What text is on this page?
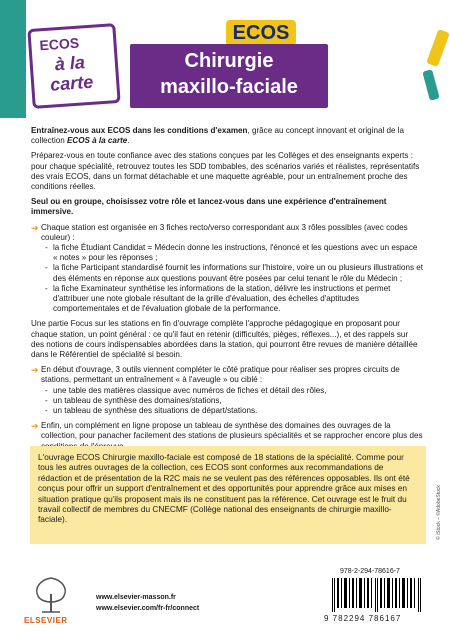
ECOS
à la
carte
ECOS
Chirurgie
maxillo-faciale

Entraînez-vous aux ECOS dans les conditions d'examen, grâce au concept innovant et original de la collection ECOS à la carte.

Préparez-vous en toute confiance avec des stations conçues par les Collèges et des enseignants experts : pour chaque spécialité, retrouvez toutes les SDD tombables, des scénarios variés et réalistes, représentatifs des vrais ECOS, dans un format détachable et une maquette agréable, pour un entraînement proche des conditions réelles.

Seul ou en groupe, choisissez votre rôle et lancez-vous dans une expérience d'entraînement immersive.

➔ Chaque station est organisée en 3 fiches recto/verso correspondant aux 3 rôles possibles (avec codes couleur) :
- la fiche Étudiant Candidat = Médecin donne les instructions, l'énoncé et les questions avec un espace « notes » pour les réponses ;
- la fiche Participant standardisé fournit les informations sur l'histoire, voire un ou plusieurs illustrations et des éléments en réponse aux questions pouvant être posées par celui tenant le rôle du Médecin ;
- la fiche Examinateur synthétise les informations de la station, délivre les instructions et permet d'attribuer une note globale résultant de la grille d'évaluation, des échelles d'aptitudes comportementales et de l'évaluation globale de la performance.

Une partie Focus sur les stations en fin d'ouvrage complète l'approche pédagogique en proposant pour chaque station, un point général : ce qu'il faut en retenir (difficultés, pièges, réflexes...), et des rappels sur des notions de cours indispensables abordées dans la station, qui pourront être revues de manière détaillée dans le Référentiel de spécialité si besoin.

➔ En début d'ouvrage, 3 outils viennent compléter le côté pratique pour réaliser ses propres circuits de stations, permettant un entraînement « à l'aveugle » ou ciblé :
- une table des matières classique avec numéros de fiches et détail des rôles,
- un tableau de synthèse des domaines/stations,
- un tableau de synthèse des situations de départ/stations.
➔ Enfin, un complément en ligne propose un tableau de synthèse des domaines des ouvrages de la collection, pour panacher facilement des stations de plusieurs spécialités et se rapprocher encore plus des

L'ouvrage ECOS Chirurgie maxillo-faciale est composé de 18 stations de la spécialité. Comme pour tous les autres ouvrages de la collection, ces ECOS sont conformes aux recommandations de rédaction et de présentation de la R2C mais ne se veulent pas des références opposables. Ils ont été conçus pour offrir un support d'entraînement et des opportunités pour apprendre grâce aux mises en situation pratique qu'ils proposent mais ils ne constituent pas la référence. Cet ouvrage est le fruit du travail collectif de membres du CNECMF (Collège national des enseignants de chirurgie maxillo-faciale).	© iStock – ©AdobeStock
ELSEVIER
www.elsevier-masson.fr
www.elsevier.com/fr-fr/connect
978-2-294-78616-7
9 782294 786167
